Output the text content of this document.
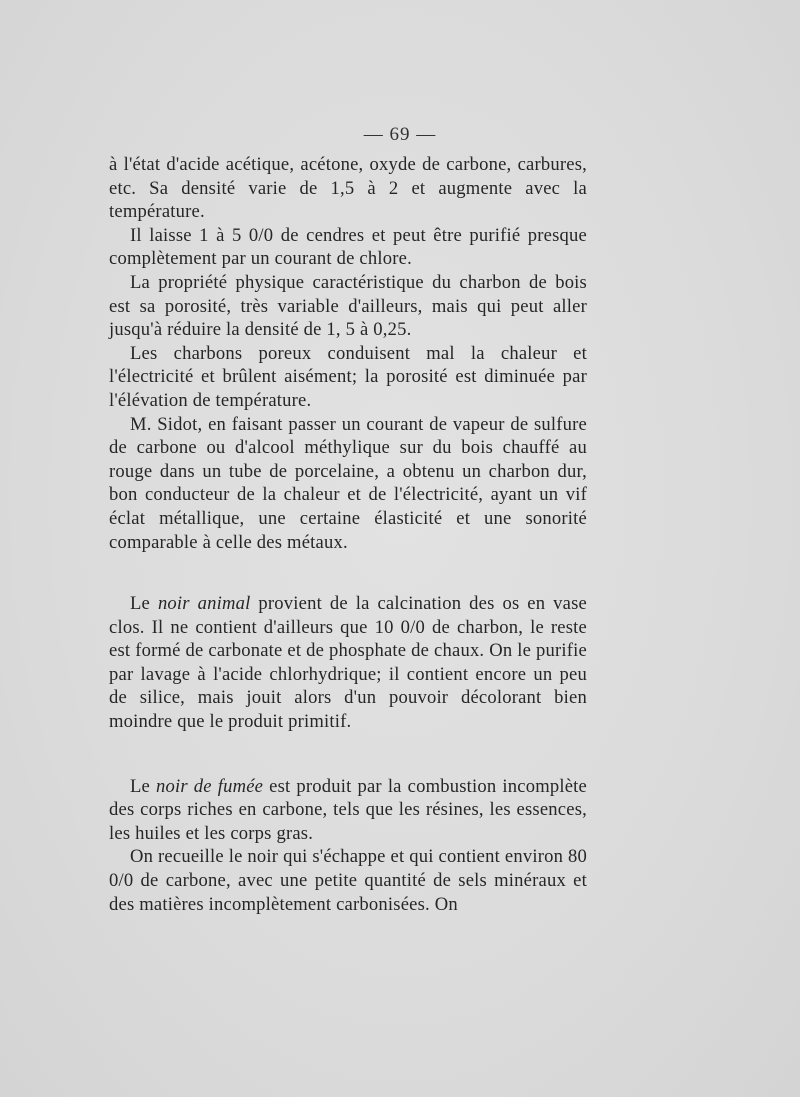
— 69 —

à l'état d'acide acétique, acétone, oxyde de carbone, carbures, etc. Sa densité varie de 1,5 à 2 et augmente avec la température.

Il laisse 1 à 5 0/0 de cendres et peut être purifié presque complètement par un courant de chlore.

La propriété physique caractéristique du charbon de bois est sa porosité, très variable d'ailleurs, mais qui peut aller jusqu'à réduire la densité de 1, 5 à 0,25.

Les charbons poreux conduisent mal la chaleur et l'électricité et brûlent aisément; la porosité est diminuée par l'élévation de température.

M. Sidot, en faisant passer un courant de vapeur de sulfure de carbone ou d'alcool méthylique sur du bois chauffé au rouge dans un tube de porcelaine, a obtenu un charbon dur, bon conducteur de la chaleur et de l'électricité, ayant un vif éclat métallique, une certaine élasticité et une sonorité comparable à celle des métaux.

Le noir animal provient de la calcination des os en vase clos. Il ne contient d'ailleurs que 10 0/0 de charbon, le reste est formé de carbonate et de phosphate de chaux. On le purifie par lavage à l'acide chlorhydrique; il contient encore un peu de silice, mais jouit alors d'un pouvoir décolorant bien moindre que le produit primitif.

Le noir de fumée est produit par la combustion incomplète des corps riches en carbone, tels que les résines, les essences, les huiles et les corps gras.

On recueille le noir qui s'échappe et qui contient environ 80 0/0 de carbone, avec une petite quantité de sels minéraux et des matières incomplètement carbonisées. On
